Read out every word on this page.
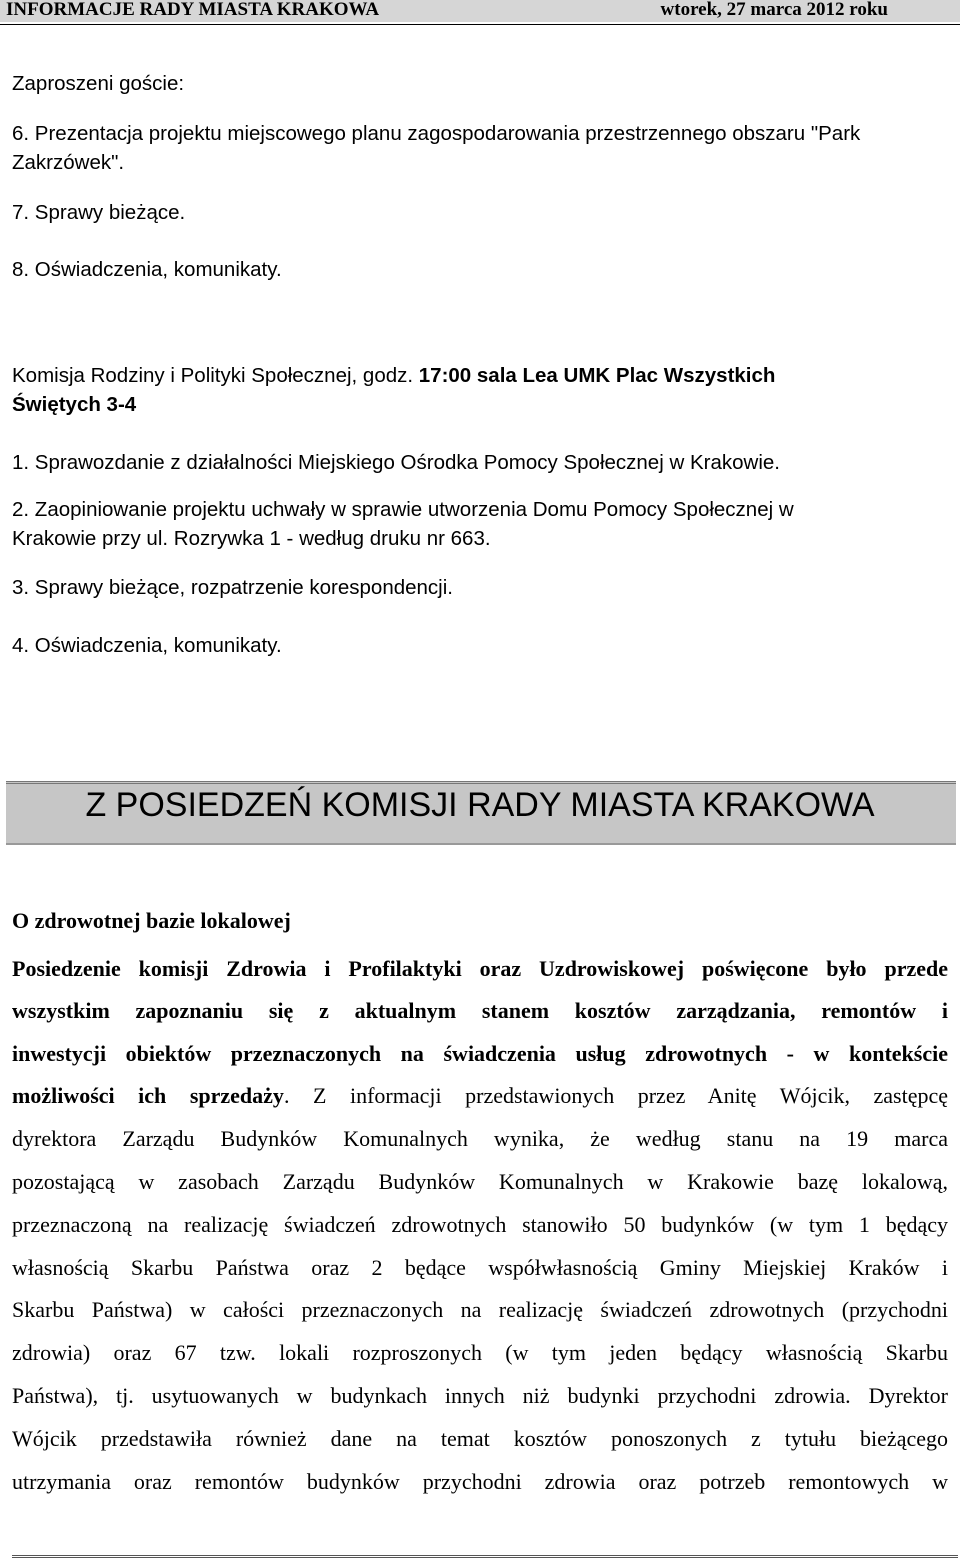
INFORMACJE RADY MIASTA KRAKOWA	wtorek, 27 marca 2012 roku
Zaproszeni goście:
6. Prezentacja projektu miejscowego planu zagospodarowania przestrzennego obszaru "Park
Zakrzówek".
7. Sprawy bieżące.
8. Oświadczenia, komunikaty.
Komisja Rodziny i Polityki Społecznej, godz. 17:00 sala Lea UMK Plac Wszystkich
Świętych 3-4
1. Sprawozdanie z działalności Miejskiego Ośrodka Pomocy Społecznej w Krakowie.
2. Zaopiniowanie projektu uchwały w sprawie utworzenia Domu Pomocy Społecznej w
Krakowie przy ul. Rozrywka 1 - według druku nr 663.
3. Sprawy bieżące, rozpatrzenie korespondencji.
4. Oświadczenia, komunikaty.
Z POSIEDZEŃ KOMISJI RADY MIASTA KRAKOWA
O zdrowotnej bazie lokalowej
Posiedzenie komisji Zdrowia i Profilaktyki oraz Uzdrowiskowej poświęcone było przede
wszystkim zapoznaniu się z aktualnym stanem kosztów zarządzania, remontów i
inwestycji obiektów przeznaczonych na świadczenia usług zdrowotnych - w kontekście
możliwości ich sprzedaży. Z informacji przedstawionych przez Anitę Wójcik, zastępcę
dyrektora Zarządu Budynków Komunalnych wynika, że według stanu na 19 marca
pozostającą w zasobach Zarządu Budynków Komunalnych w Krakowie bazę lokalową,
przeznaczoną na realizację świadczeń zdrowotnych stanowiło 50 budynków (w tym 1 będący
własnością Skarbu Państwa oraz 2 będące współwłasnością Gminy Miejskiej Kraków i
Skarbu Państwa) w całości przeznaczonych na realizację świadczeń zdrowotnych (przychodni
zdrowia) oraz 67 tzw. lokali rozproszonych (w tym jeden będący własnością Skarbu
Państwa), tj. usytuowanych w budynkach innych niż budynki przychodni zdrowia. Dyrektor
Wójcik przedstawiła również dane na temat kosztów ponoszonych z tytułu bieżącego
utrzymania oraz remontów budynków przychodni zdrowia oraz potrzeb remontowych w
